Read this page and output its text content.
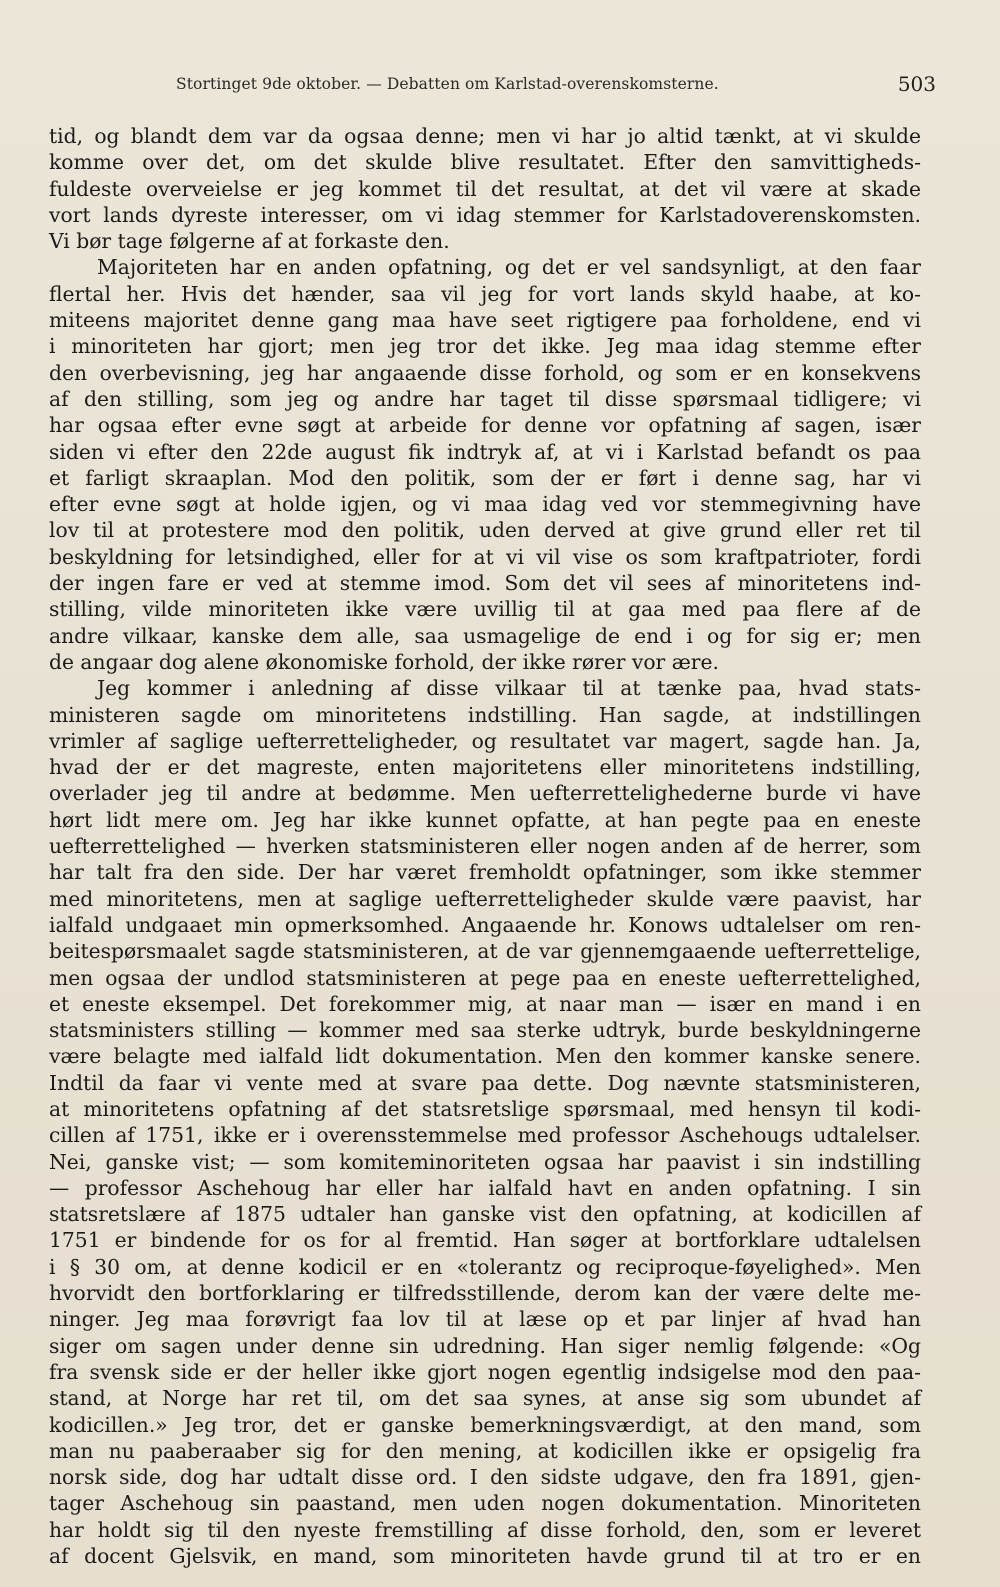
Stortinget 9de oktober. — Debatten om Karlstad-overenskomsterne.	503
tid, og blandt dem var da ogsaa denne; men vi har jo altid tænkt, at vi skulde
komme over det, om det skulde blive resultatet. Efter den samvittigheds-
fuldeste overveielse er jeg kommet til det resultat, at det vil være at skade
vort lands dyreste interesser, om vi idag stemmer for Karlstadoverenskomsten.
Vi bør tage følgerne af at forkaste den.
Majoriteten har en anden opfatning, og det er vel sandsynligt, at den faar
flertal her. Hvis det hænder, saa vil jeg for vort lands skyld haabe, at ko-
miteens majoritet denne gang maa have seet rigtigere paa forholdene, end vi
i minoriteten har gjort; men jeg tror det ikke. Jeg maa idag stemme efter
den overbevisning, jeg har angaaende disse forhold, og som er en konsekvens
af den stilling, som jeg og andre har taget til disse spørsmaal tidligere; vi
har ogsaa efter evne søgt at arbeide for denne vor opfatning af sagen, især
siden vi efter den 22de august fik indtryk af, at vi i Karlstad befandt os paa
et farligt skraaplan. Mod den politik, som der er ført i denne sag, har vi
efter evne søgt at holde igjen, og vi maa idag ved vor stemmegivning have
lov til at protestere mod den politik, uden derved at give grund eller ret til
beskyldning for letsindighed, eller for at vi vil vise os som kraftpatrioter, fordi
der ingen fare er ved at stemme imod. Som det vil sees af minoritetens ind-
stilling, vilde minoriteten ikke være uvillig til at gaa med paa flere af de
andre vilkaar, kanske dem alle, saa usmagelige de end i og for sig er; men
de angaar dog alene økonomiske forhold, der ikke rører vor ære.
Jeg kommer i anledning af disse vilkaar til at tænke paa, hvad stats-
ministeren sagde om minoritetens indstilling. Han sagde, at indstillingen
vrimler af saglige uefterretteligheder, og resultatet var magert, sagde han. Ja,
hvad der er det magreste, enten majoritetens eller minoritetens indstilling,
overlader jeg til andre at bedømme. Men uefterrettelighederne burde vi have
hørt lidt mere om. Jeg har ikke kunnet opfatte, at han pegte paa en eneste
uefterrettelighed — hverken statsministeren eller nogen anden af de herrer, som
har talt fra den side. Der har været fremholdt opfatninger, som ikke stemmer
med minoritetens, men at saglige uefterretteligheder skulde være paavist, har
ialfald undgaaet min opmerksomhed. Angaaende hr. Konows udtalelser om ren-
beitespørsmaalet sagde statsministeren, at de var gjennemgaaende uefterrettelige,
men ogsaa der undlod statsministeren at pege paa en eneste uefterrettelighed,
et eneste eksempel. Det forekommer mig, at naar man — især en mand i en
statsministers stilling — kommer med saa sterke udtryk, burde beskyldningerne
være belagte med ialfald lidt dokumentation. Men den kommer kanske senere.
Indtil da faar vi vente med at svare paa dette. Dog nævnte statsministeren,
at minoritetens opfatning af det statsretslige spørsmaal, med hensyn til kodi-
cillen af 1751, ikke er i overensstemmelse med professor Aschehougs udtalelser.
Nei, ganske vist; — som komiteminoriteten ogsaa har paavist i sin indstilling
— professor Aschehoug har eller har ialfald havt en anden opfatning. I sin
statsretslære af 1875 udtaler han ganske vist den opfatning, at kodicillen af
1751 er bindende for os for al fremtid. Han søger at bortforklare udtalelsen
i § 30 om, at denne kodicil er en «tolerantz og reciproque-føyelighed». Men
hvorvidt den bortforklaring er tilfredsstillende, derom kan der være delte me-
ninger. Jeg maa forøvrigt faa lov til at læse op et par linjer af hvad han
siger om sagen under denne sin udredning. Han siger nemlig følgende: «Og
fra svensk side er der heller ikke gjort nogen egentlig indsigelse mod den paa-
stand, at Norge har ret til, om det saa synes, at anse sig som ubundet af
kodicillen.» Jeg tror, det er ganske bemerkningsværdigt, at den mand, som
man nu paaberaaber sig for den mening, at kodicillen ikke er opsigelig fra
norsk side, dog har udtalt disse ord. I den sidste udgave, den fra 1891, gjen-
tager Aschehoug sin paastand, men uden nogen dokumentation. Minoriteten
har holdt sig til den nyeste fremstilling af disse forhold, den, som er leveret
af docent Gjelsvik, en mand, som minoriteten havde grund til at tro er en
